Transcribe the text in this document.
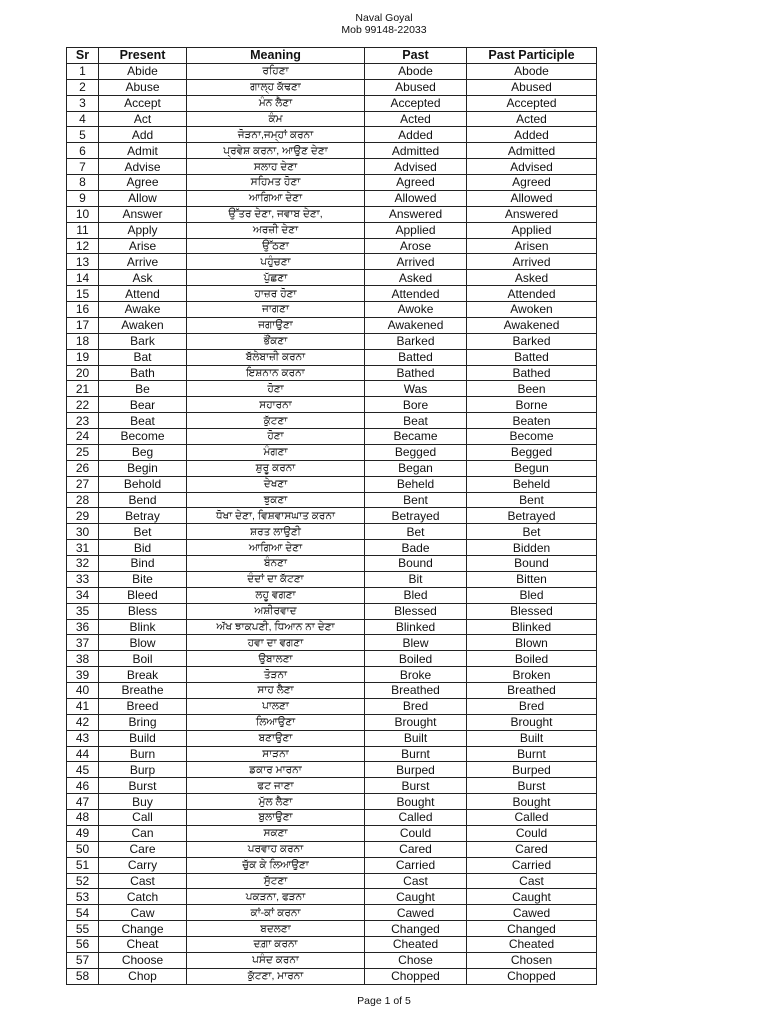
Naval Goyal
Mob 99148-22033
Sr	Present	Meaning	Past	Past Participle
1	Abide	ਰਹਿਣਾ	Abode	Abode
2	Abuse	ਗਾਲ੍ਹ ਕੱਢਣਾ	Abused	Abused
3	Accept	ਮੰਨ ਲੈਣਾ	Accepted	Accepted
4	Act	ਕੰਮ	Acted	Acted
5	Add	ਜੋੜਨਾ,ਜਮ੍ਹਾਂ ਕਰਨਾ	Added	Added
6	Admit	ਪ੍ਰਵੇਸ਼ ਕਰਨਾ, ਆਉਣ ਦੇਣਾ	Admitted	Admitted
7	Advise	ਸਲਾਹ ਦੇਣਾ	Advised	Advised
8	Agree	ਸਹਿਮਤ ਹੋਣਾ	Agreed	Agreed
9	Allow	ਆਗਿਆ ਦੇਣਾ	Allowed	Allowed
10	Answer	ਉੱਤਰ ਦੇਣਾ, ਜਵਾਬ ਦੇਣਾ,	Answered	Answered
11	Apply	ਅਰਜ਼ੀ ਦੇਣਾ	Applied	Applied
12	Arise	ਉੱਠਣਾ	Arose	Arisen
13	Arrive	ਪਹੁੰਚਣਾ	Arrived	Arrived
14	Ask	ਪੁੱਛਣਾ	Asked	Asked
15	Attend	ਹਾਜ਼ਰ ਹੋਣਾ	Attended	Attended
16	Awake	ਜਾਗਣਾ	Awoke	Awoken
17	Awaken	ਜਗਾਉਣਾ	Awakened	Awakened
18	Bark	ਭੌਂਕਣਾ	Barked	Barked
19	Bat	ਬੱਲੇਬਾਜ਼ੀ ਕਰਨਾ	Batted	Batted
20	Bath	ਇਸ਼ਨਾਨ ਕਰਨਾ	Bathed	Bathed
21	Be	ਹੋਣਾ	Was	Been
22	Bear	ਸਹਾਰਨਾ	Bore	Borne
23	Beat	ਕੁੱਟਣਾ	Beat	Beaten
24	Become	ਹੋਣਾ	Became	Become
25	Beg	ਮੰਗਣਾ	Begged	Begged
26	Begin	ਸ਼ੁਰੂ ਕਰਨਾ	Began	Begun
27	Behold	ਦੇਖਣਾ	Beheld	Beheld
28	Bend	ਝੁਕਣਾ	Bent	Bent
29	Betray	ਧੋਖਾ ਦੇਣਾ, ਵਿਸ਼ਵਾਸਘਾਤ ਕਰਨਾ	Betrayed	Betrayed
30	Bet	ਸ਼ਰਤ ਲਾਉਣੀ	Bet	Bet
31	Bid	ਆਗਿਆ ਦੇਣਾ	Bade	Bidden
32	Bind	ਬੰਨਣਾ	Bound	Bound
33	Bite	ਦੰਦਾਂ ਦਾ ਕੱਟਣਾ	Bit	Bitten
34	Bleed	ਲਹੂ ਵਗਣਾ	Bled	Bled
35	Bless	ਅਸ਼ੀਰਵਾਦ	Blessed	Blessed
36	Blink	ਅੱਖ ਝਾਕਪਣੀ, ਧਿਆਨ ਨਾ ਦੇਣਾ	Blinked	Blinked
37	Blow	ਹਵਾ ਦਾ ਵਗਣਾ	Blew	Blown
38	Boil	ਉਬਾਲਣਾ	Boiled	Boiled
39	Break	ਤੋੜਨਾ	Broke	Broken
40	Breathe	ਸਾਹ ਲੈਣਾ	Breathed	Breathed
41	Breed	ਪਾਲਣਾ	Bred	Bred
42	Bring	ਲਿਆਉਣਾ	Brought	Brought
43	Build	ਬਣਾਉਣਾ	Built	Built
44	Burn	ਸਾੜਨਾ	Burnt	Burnt
45	Burp	ਡਕਾਰ ਮਾਰਨਾ	Burped	Burped
46	Burst	ਫਟ ਜਾਣਾ	Burst	Burst
47	Buy	ਮੁੱਲ ਲੈਣਾ	Bought	Bought
48	Call	ਬੁਲਾਉਣਾ	Called	Called
49	Can	ਸਕਣਾ	Could	Could
50	Care	ਪਰਵਾਹ ਕਰਨਾ	Cared	Cared
51	Carry	ਚੁੱਕ ਕੇ ਲਿਆਉਣਾ	Carried	Carried
52	Cast	ਸੁੱਟਣਾ	Cast	Cast
53	Catch	ਪਕੜਨਾ, ਫੜਨਾ	Caught	Caught
54	Caw	ਕਾਂ-ਕਾਂ ਕਰਨਾ	Cawed	Cawed
55	Change	ਬਦਲਣਾ	Changed	Changed
56	Cheat	ਦਗ਼ਾ ਕਰਨਾ	Cheated	Cheated
57	Choose	ਪਸੰਦ ਕਰਨਾ	Chose	Chosen
58	Chop	ਕੁੱਟਣਾ, ਮਾਰਨਾ	Chopped	Chopped
Page 1 of 5
